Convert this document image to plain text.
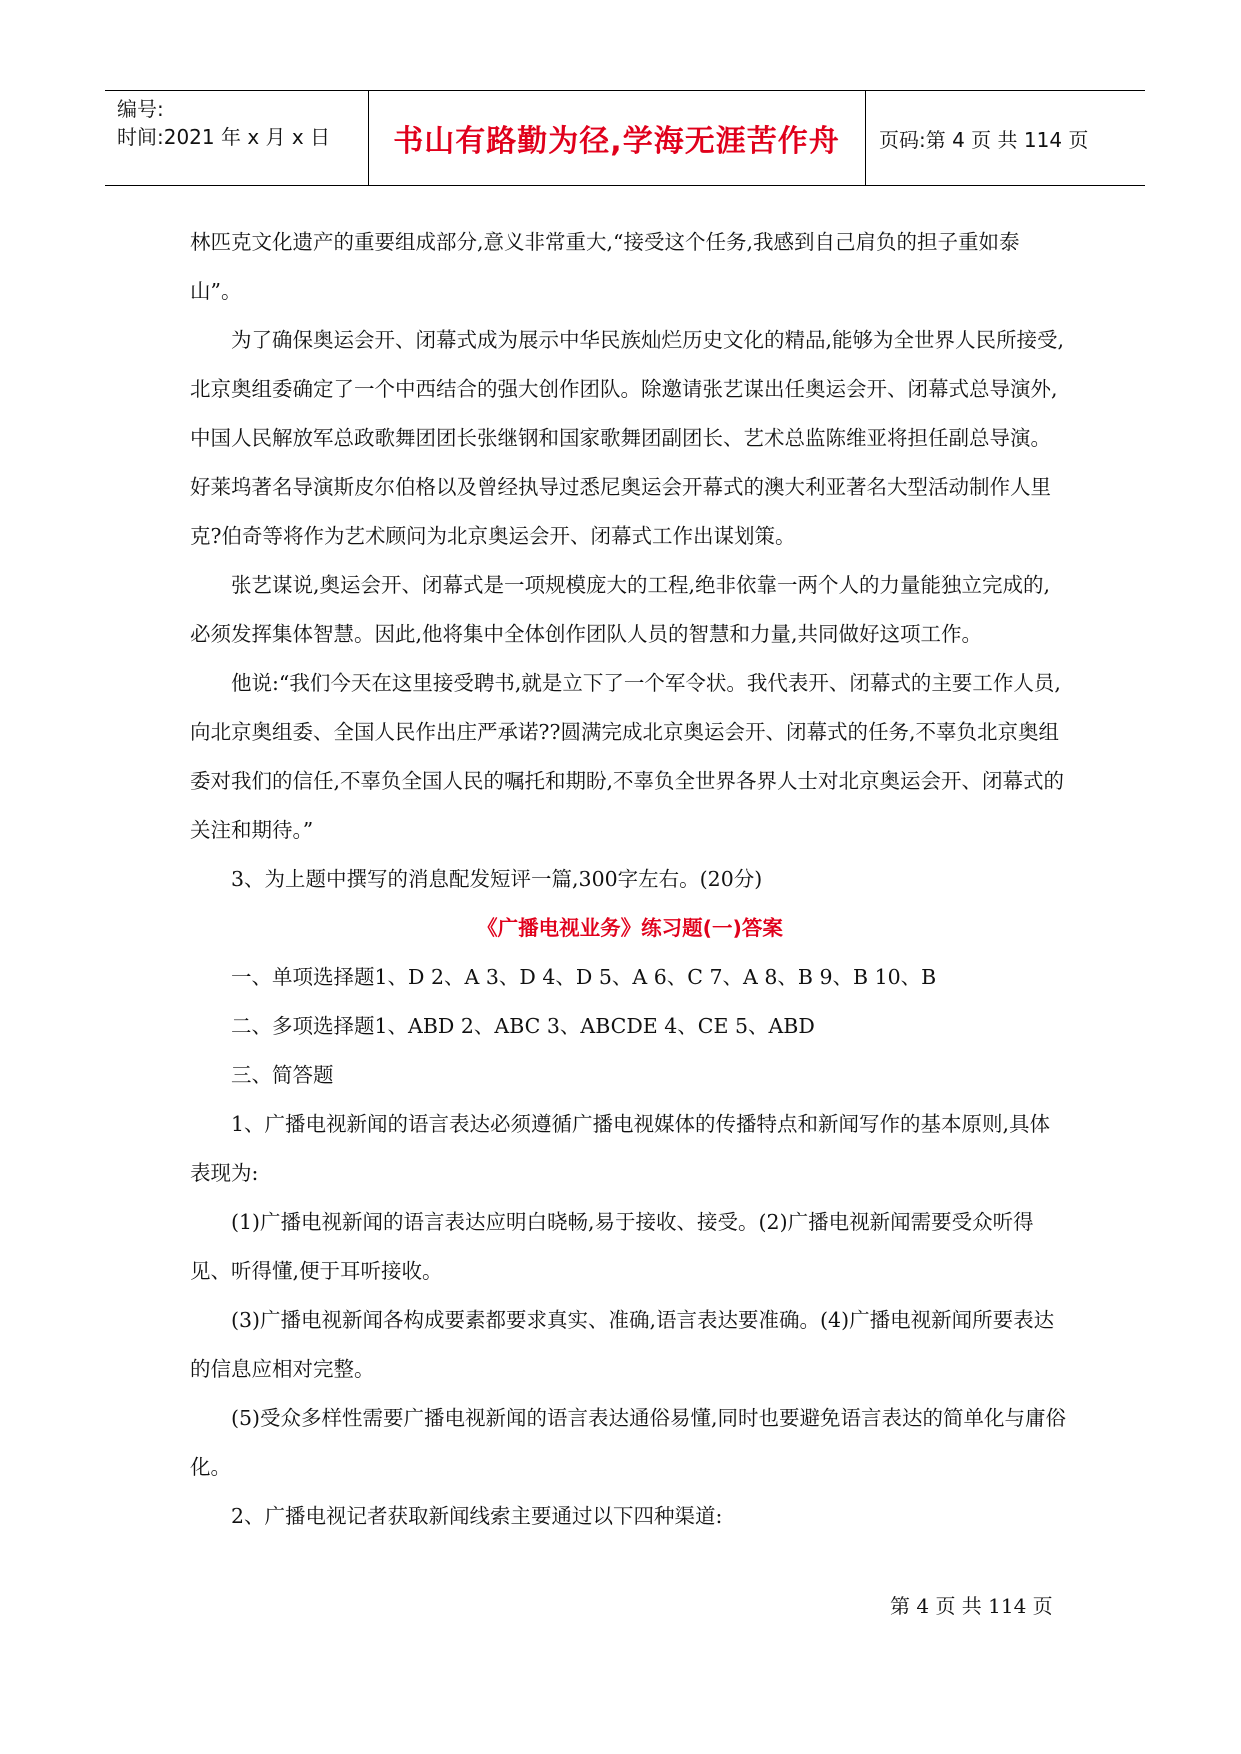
编号:
时间:2021 年 x 月 x 日	书山有路勤为径,学海无涯苦作舟	页码:第 4 页 共 114 页

林匹克文化遗产的重要组成部分,意义非常重大,“接受这个任务,我感到自己肩负的担子重如泰山”。

为了确保奥运会开、闭幕式成为展示中华民族灿烂历史文化的精品,能够为全世界人民所接受,北京奥组委确定了一个中西结合的强大创作团队。除邀请张艺谋出任奥运会开、闭幕式总导演外,中国人民解放军总政歌舞团团长张继钢和国家歌舞团副团长、艺术总监陈维亚将担任副总导演。好莱坞著名导演斯皮尔伯格以及曾经执导过悉尼奥运会开幕式的澳大利亚著名大型活动制作人里克?伯奇等将作为艺术顾问为北京奥运会开、闭幕式工作出谋划策。

张艺谋说,奥运会开、闭幕式是一项规模庞大的工程,绝非依靠一两个人的力量能独立完成的,必须发挥集体智慧。因此,他将集中全体创作团队人员的智慧和力量,共同做好这项工作。

他说:“我们今天在这里接受聘书,就是立下了一个军令状。我代表开、闭幕式的主要工作人员,向北京奥组委、全国人民作出庄严承诺??圆满完成北京奥运会开、闭幕式的任务,不辜负北京奥组委对我们的信任,不辜负全国人民的嘱托和期盼,不辜负全世界各界人士对北京奥运会开、闭幕式的关注和期待。”

3、为上题中撰写的消息配发短评一篇,300字左右。(20分)

《广播电视业务》练习题(一)答案

一、单项选择题1、D 2、A 3、D 4、D 5、A 6、C 7、A 8、B 9、B 10、B

二、多项选择题1、ABD 2、ABC 3、ABCDE 4、CE 5、ABD

三、简答题

1、广播电视新闻的语言表达必须遵循广播电视媒体的传播特点和新闻写作的基本原则,具体表现为:

(1)广播电视新闻的语言表达应明白晓畅,易于接收、接受。(2)广播电视新闻需要受众听得见、听得懂,便于耳听接收。

(3)广播电视新闻各构成要素都要求真实、准确,语言表达要准确。(4)广播电视新闻所要表达的信息应相对完整。

(5)受众多样性需要广播电视新闻的语言表达通俗易懂,同时也要避免语言表达的简单化与庸俗化。

2、广播电视记者获取新闻线索主要通过以下四种渠道:

第 4 页 共 114 页
